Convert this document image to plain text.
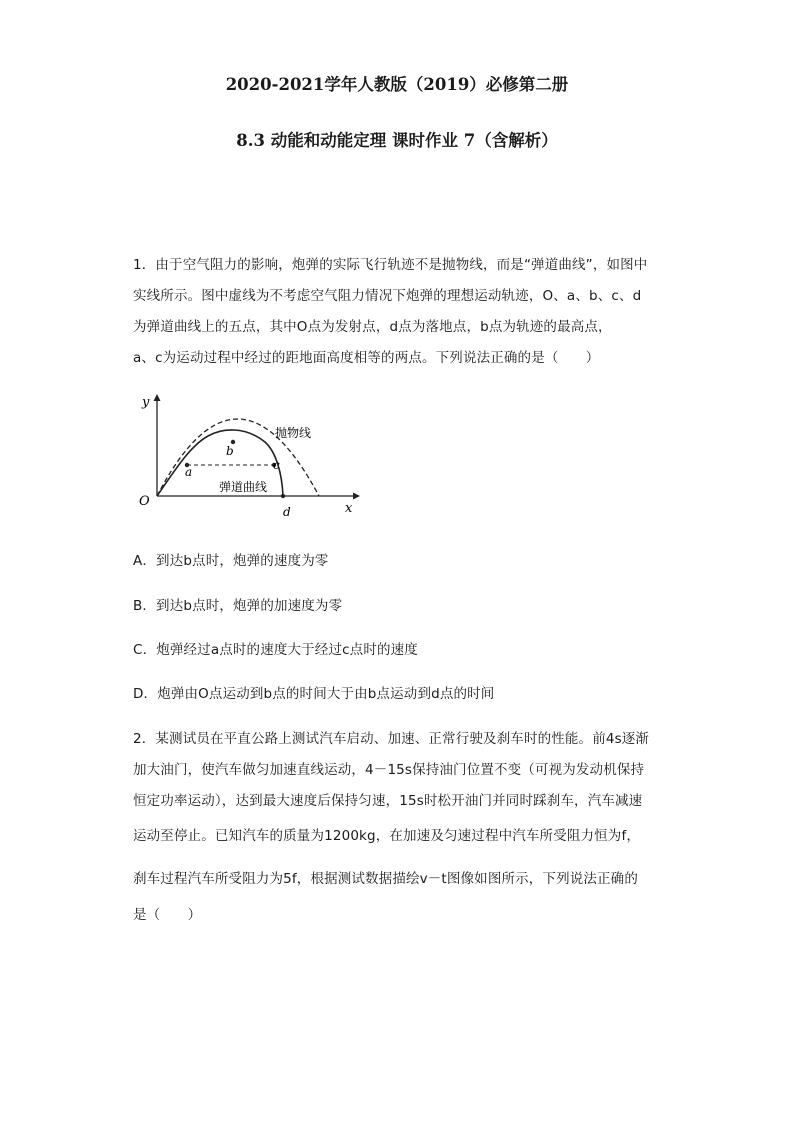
2020-2021学年人教版（2019）必修第二册
8.3 动能和动能定理 课时作业 7（含解析）
1．由于空气阻力的影响，炮弹的实际飞行轨迹不是抛物线，而是“弹道曲线”，如图中
实线所示。图中虚线为不考虑空气阻力情况下炮弹的理想运动轨迹，O、a、b、c、d
为弹道曲线上的五点，其中O点为发射点，d点为落地点，b点为轨迹的最高点，
a、c为运动过程中经过的距地面高度相等的两点。下列说法正确的是（　　）
y
x
O
a
b
c
d
抛物线
弹道曲线
A．到达b点时，炮弹的速度为零
B．到达b点时，炮弹的加速度为零
C．炮弹经过a点时的速度大于经过c点时的速度
D．炮弹由O点运动到b点的时间大于由b点运动到d点的时间
2．某测试员在平直公路上测试汽车启动、加速、正常行驶及刹车时的性能。前4s逐渐
加大油门，使汽车做匀加速直线运动，4－15s保持油门位置不变（可视为发动机保持
恒定功率运动），达到最大速度后保持匀速，15s时松开油门并同时踩刹车，汽车减速
运动至停止。已知汽车的质量为1200kg，在加速及匀速过程中汽车所受阻力恒为f，
刹车过程汽车所受阻力为5f，根据测试数据描绘v－t图像如图所示，下列说法正确的
是（　　）
